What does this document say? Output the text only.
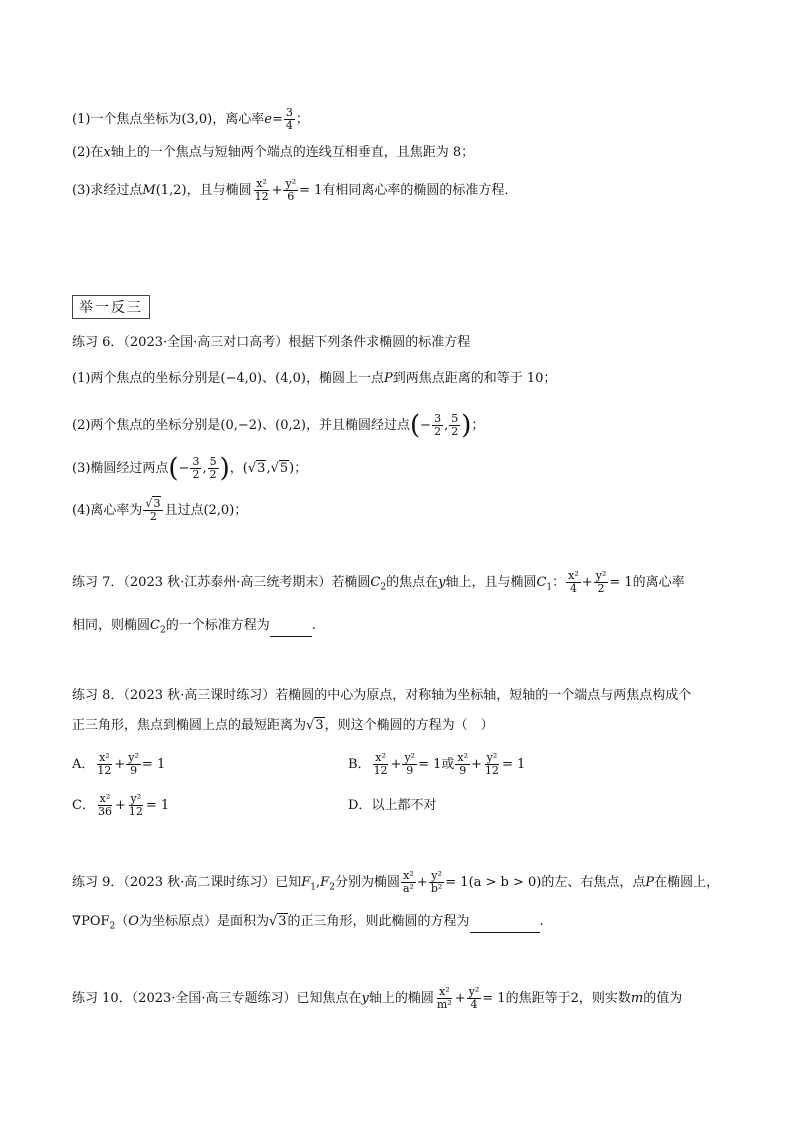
(1)一个焦点坐标为(3,0)，离心率$e= \frac{3}{4}$ ；
(2)在x轴上的一个焦点与短轴两个端点的连线互相垂直，且焦距为 8；
(3)求经过点M(1,2)，且与椭圆 $\frac{\text{x²}}{12} + \frac{\text{y²}}{6} = 1$有相同离心率的椭圆的标准方程．
举一反三
练习 6．（2023·全国·高三对口高考）根据下列条件求椭圆的标准方程
(1)两个焦点的坐标分别是(−4,0)、(4,0)，椭圆上一点P到两焦点距离的和等于 10；
(2)两个焦点的坐标分别是(0,−2)、(0,2)，并且椭圆经过点(− $\frac{3}{2}$ , $\frac{5}{2}$ )；
(3)椭圆经过两点(− $\frac{3}{2}$ , $\frac{5}{2}$ )，(√3,√5)；
(4)离心率为 $\frac{√3}{2}$ 且过点(2,0)；
练习 7．（2023 秋·江苏泰州·高三统考期末）若椭圆$C_2$的焦点在y轴上，且与椭圆$C_1$： $\frac{\text{x²}}{4} + \frac{\text{y²}}{2} = 1$的离心率
相同，则椭圆$C_2$的一个标准方程为	.
练习 8．（2023 秋·高三课时练习）若椭圆的中心为原点，对称轴为坐标轴，短轴的一个端点与两焦点构成个
正三角形，焦点到椭圆上点的最短距离为√3，则这个椭圆的方程为（　）
A． $\frac{\text{x²}}{12} + \frac{\text{y²}}{9} = 1$	B． $\frac{\text{x²}}{12} + \frac{\text{y²}}{9} = 1$或 $\frac{\text{x²}}{9} + \frac{\text{y²}}{12} = 1$
C． $\frac{\text{x²}}{36} + \frac{\text{y²}}{12} = 1$	D．以上都不对
练习 9．（2023 秋·高二课时练习）已知$F_1,F_2$分别为椭圆 $\frac{\text{x²}}{\text{a²}} + \frac{\text{y²}}{\text{b²}} = 1(a > b > 0)$的左、右焦点，点P在椭圆上，
$\nabla POF_2(O$为坐标原点）是面积为√3的正三角形，则此椭圆的方程为	.
练习 10．（2023·全国·高三专题练习）已知焦点在y轴上的椭圆 $\frac{\text{x²}}{\text{m²}} + \frac{\text{y²}}{4} = 1$的焦距等于2，则实数m的值为
